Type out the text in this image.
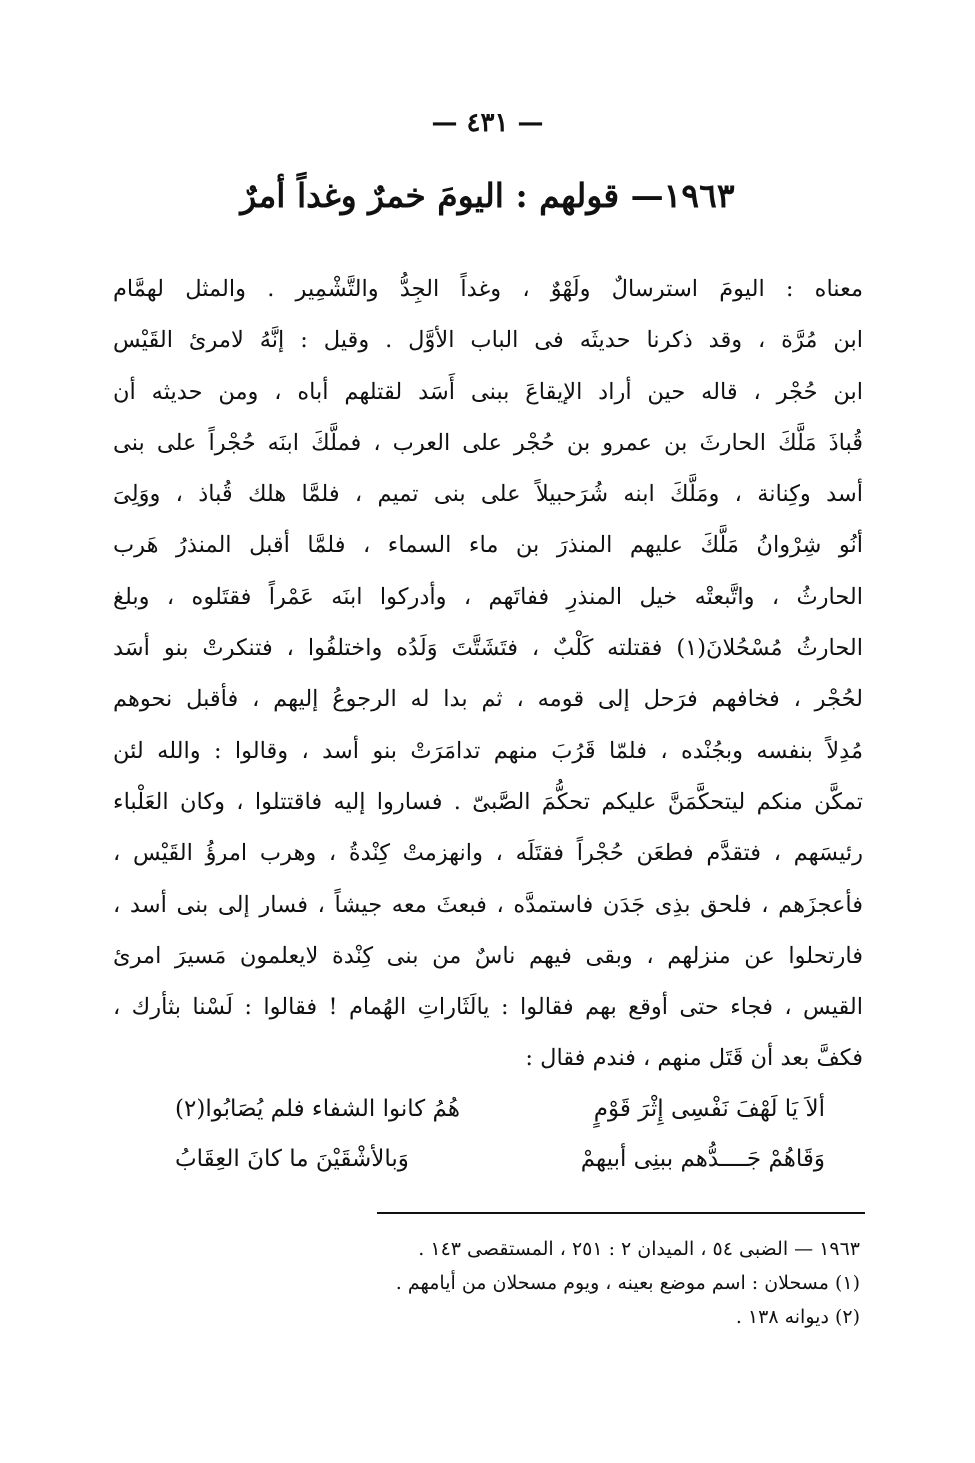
— ٤٣١ —
١٩٦٣— قولهم : اليومَ خمرٌ وغداً أمرٌ
معناه : اليومَ استرسالٌ ولَهْوٌ ، وغداً الجِدُّ والتَّشْمِير . والمثل لهمَّام
ابن مُرَّة ، وقد ذكرنا حديثَه فى الباب الأوَّل . وقيل : إنَّهُ لامرئ القَيْس
ابن حُجْر ، قاله حين أراد الإيقاعَ ببنى أَسَد لقتلهم أباه ، ومن حديثه أن
قُباذَ مَلَّكَ الحارثَ بن عمرو بن حُجْر على العرب ، فملَّكَ ابنَه حُجْراً على بنى
أسد وكِنانة ، ومَلَّكَ ابنه شُرَحبيلاً على بنى تميم ، فلمَّا هلك قُباذ ، ووَلِىَ
أنُو شِرْوانُ مَلَّكَ عليهم المنذرَ بن ماء السماء ، فلمَّا أقبل المنذرُ هَرب
الحارثُ ، واتَّبعتْه خيل المنذرِ ففاتَهم ، وأدركوا ابنَه عَمْراً فقتَلوه ، وبلغ
الحارثُ مُسْحُلانَ(١) فقتلته كَلْبٌ ، فتَشَتَّتَ وَلَدُه واختلفُوا ، فتنكرتْ بنو أسَد
لحُجْر ، فخافهم فرَحل إلى قومه ، ثم بدا له الرجوعُ إليهم ، فأقبل نحوهم
مُدِلاً بنفسه وبجُنْده ، فلمّا قَرُبَ منهم تدامَرَتْ بنو أسد ، وقالوا : والله لئن
تمكَّن منكم ليتحكَّمَنَّ عليكم تحكُّمَ الصَّبىّ . فساروا إليه فاقتتلوا ، وكان العَلْباء
رئيسَهم ، فتقدَّم فطعَن حُجْراً فقتَلَه ، وانهزمتْ كِنْدةُ ، وهرب امرؤُ القَيْس ،
فأعجزَهم ، فلحق بذِى جَدَن فاستمدَّه ، فبعثَ معه جيشاً ، فسار إلى بنى أسد ،
فارتحلوا عن منزلهم ، وبقى فيهم ناسٌ من بنى كِنْدة لايعلمون مَسيرَ امرئ
القيس ، فجاء حتى أوقع بهم فقالوا : يالَثَاراتِ الهُمام ! فقالوا : لَسْنا بثأرك ،
فكفَّ بعد أن قَتَل منهم ، فندم فقال :
ألاَ يَا لَهْفَ نَفْسِى إِثْرَ قَوْمٍ
هُمُ كانوا الشفاء فلم يُصَابُوا(٢)
وَقَاهُمْ جَــــدُّهم ببنِى أبيهمْ
وَبالأشْقَيْنَ ما كانَ العِقَابُ
١٩٦٣ — الضبى ٥٤ ، الميدان ٢ : ٢٥١ ، المستقصى ١٤٣ .
(١) مسحلان : اسم موضع بعينه ، ويوم مسحلان من أيامهم .
(٢) ديوانه ١٣٨ .
